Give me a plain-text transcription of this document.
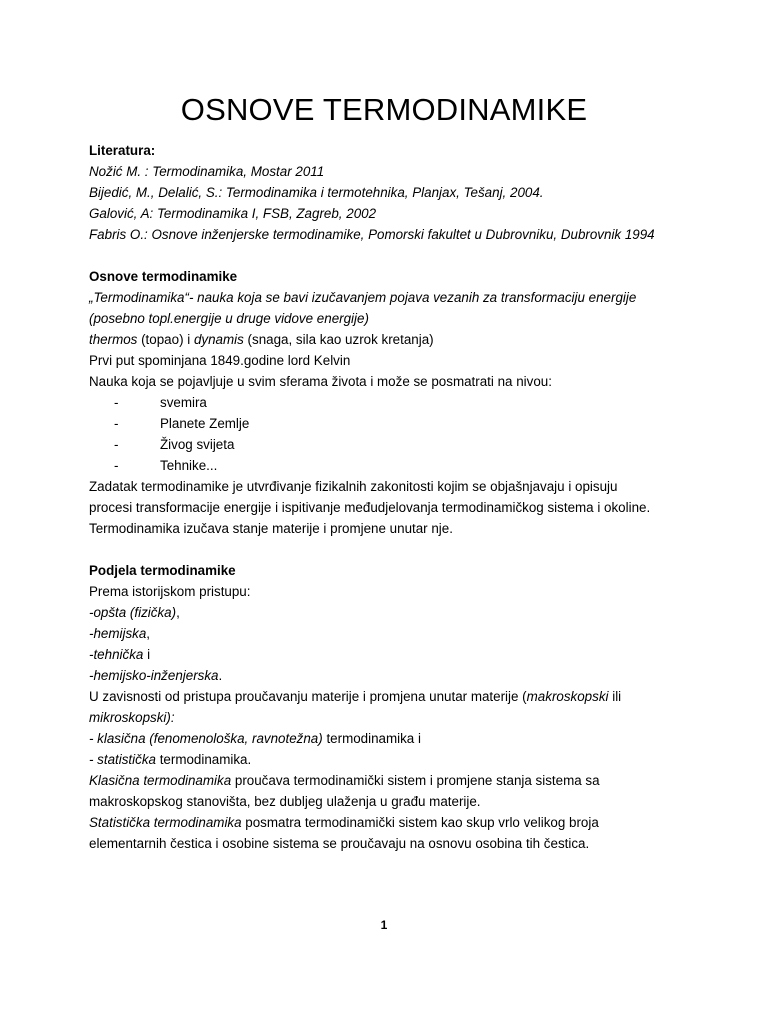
OSNOVE TERMODINAMIKE
Literatura:
Nožić M. : Termodinamika, Mostar 2011
Bijedić, M., Delalić, S.: Termodinamika i termotehnika, Planjax, Tešanj, 2004.
Galović, A: Termodinamika I, FSB, Zagreb, 2002
Fabris O.: Osnove inženjerske termodinamike, Pomorski fakultet u Dubrovniku, Dubrovnik 1994
Osnove termodinamike
„Termodinamika“- nauka koja se bavi izučavanjem pojava vezanih za transformaciju energije
(posebno topl.energije u druge vidove energije)
thermos (topao) i dynamis (snaga, sila kao uzrok kretanja)
Prvi put spominjana 1849.godine lord Kelvin
Nauka koja se pojavljuje u svim sferama života i može se posmatrati na nivou:
-	svemira
-	Planete Zemlje
-	Živog svijeta
-	Tehnike...
Zadatak termodinamike je utvrđivanje fizikalnih zakonitosti kojim se objašnjavaju i opisuju
procesi transformacije energije i ispitivanje međudjelovanja termodinamičkog sistema i okoline.
Termodinamika izučava stanje materije i promjene unutar nje.
Podjela termodinamike
Prema istorijskom pristupu:
-opšta (fizička),
-hemijska,
-tehnička i
-hemijsko-inženjerska.
U zavisnosti od pristupa proučavanju materije i promjena unutar materije (makroskopski ili
mikroskopski):
- klasična (fenomenološka, ravnotežna) termodinamika i
- statistička termodinamika.
Klasična termodinamika proučava termodinamički sistem i promjene stanja sistema sa
makroskopskog stanovišta, bez dubljeg ulaženja u građu materije.
Statistička termodinamika posmatra termodinamički sistem kao skup vrlo velikog broja
elementarnih čestica i osobine sistema se proučavaju na osnovu osobina tih čestica.
1
